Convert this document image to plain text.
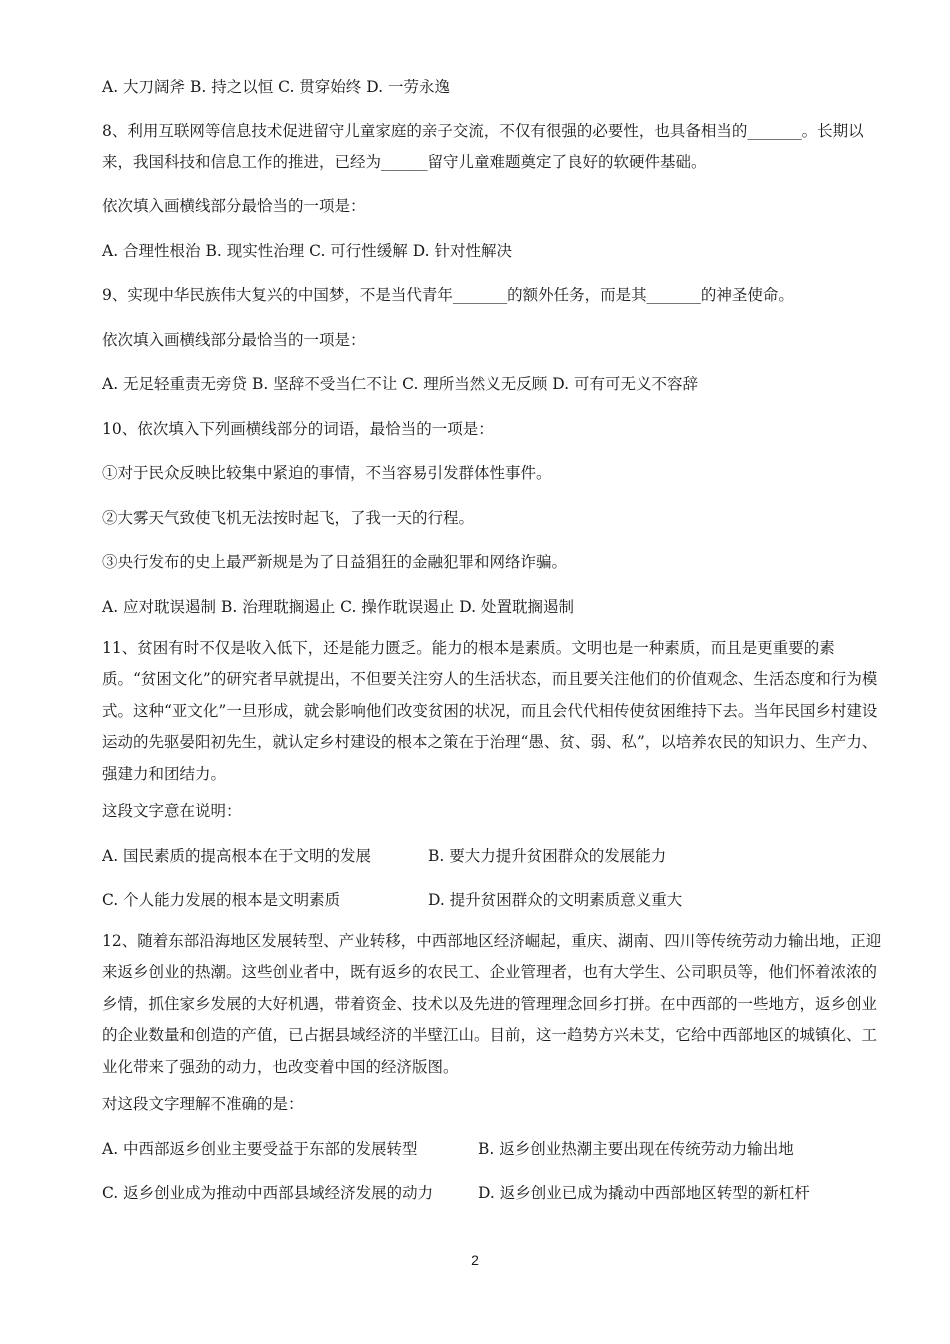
A. 大刀阔斧 B. 持之以恒 C. 贯穿始终 D. 一劳永逸
8、利用互联网等信息技术促进留守儿童家庭的亲子交流，不仅有很强的必要性，也具备相当的_______。长期以来，我国科技和信息工作的推进，已经为______留守儿童难题奠定了良好的软硬件基础。
依次填入画横线部分最恰当的一项是：
A. 合理性根治 B. 现实性治理 C. 可行性缓解 D. 针对性解决
9、实现中华民族伟大复兴的中国梦，不是当代青年_______的额外任务，而是其_______的神圣使命。
依次填入画横线部分最恰当的一项是：
A. 无足轻重责无旁贷 B. 坚辞不受当仁不让 C. 理所当然义无反顾 D. 可有可无义不容辞
10、依次填入下列画横线部分的词语，最恰当的一项是：
①对于民众反映比较集中紧迫的事情，不当容易引发群体性事件。
②大雾天气致使飞机无法按时起飞，了我一天的行程。
③央行发布的史上最严新规是为了日益猖狂的金融犯罪和网络诈骗。
A. 应对耽误遏制 B. 治理耽搁遏止 C. 操作耽误遏止 D. 处置耽搁遏制
11、贫困有时不仅是收入低下，还是能力匮乏。能力的根本是素质。文明也是一种素质，而且是更重要的素质。“贫困文化”的研究者早就提出，不但要关注穷人的生活状态，而且要关注他们的价值观念、生活态度和行为模式。这种“亚文化”一旦形成，就会影响他们改变贫困的状况，而且会代代相传使贫困维持下去。当年民国乡村建设运动的先驱晏阳初先生，就认定乡村建设的根本之策在于治理“愚、贫、弱、私”，以培养农民的知识力、生产力、强建力和团结力。
这段文字意在说明：
A. 国民素质的提高根本在于文明的发展	B. 要大力提升贫困群众的发展能力
C. 个人能力发展的根本是文明素质	D. 提升贫困群众的文明素质意义重大
12、随着东部沿海地区发展转型、产业转移，中西部地区经济崛起，重庆、湖南、四川等传统劳动力输出地，正迎来返乡创业的热潮。这些创业者中，既有返乡的农民工、企业管理者，也有大学生、公司职员等，他们怀着浓浓的乡情，抓住家乡发展的大好机遇，带着资金、技术以及先进的管理理念回乡打拼。在中西部的一些地方，返乡创业的企业数量和创造的产值，已占据县域经济的半壁江山。目前，这一趋势方兴未艾，它给中西部地区的城镇化、工业化带来了强劲的动力，也改变着中国的经济版图。
对这段文字理解不准确的是：
A. 中西部返乡创业主要受益于东部的发展转型	B. 返乡创业热潮主要出现在传统劳动力输出地
C. 返乡创业成为推动中西部县域经济发展的动力	D. 返乡创业已成为撬动中西部地区转型的新杠杆
2
